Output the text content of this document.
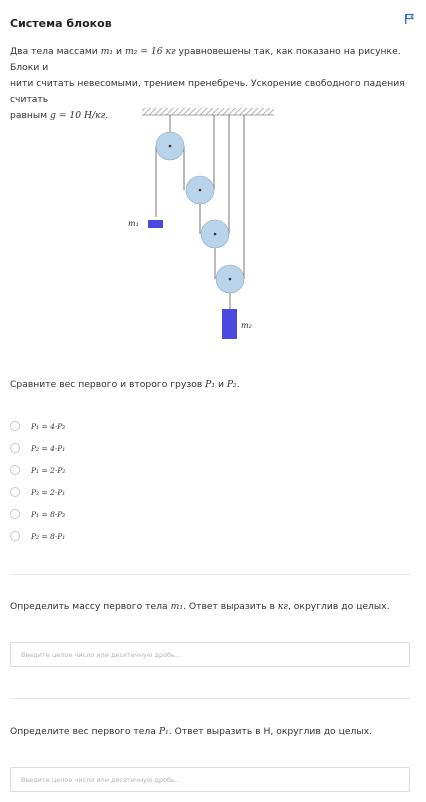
Система блоков
Два тела массами m₁ и m₂ = 16 кг уравновешены так, как показано на рисунке. Блоки и
нити считать невесомыми, трением пренебречь. Ускорение свободного падения считать
равным g = 10 Н/кг.
m₁
m₂
Сравните вес первого и второго грузов P₁ и P₂.
P₁ = 4·P₂
P₂ = 4·P₁
P₁ = 2·P₂
P₂ = 2·P₁
P₁ = 8·P₂
P₂ = 8·P₁
Определить массу первого тела m₁. Ответ выразить в кг, округлив до целых.
Введите целое число или десятичную дробь...
Определите вес первого тела P₁. Ответ выразить в Н, округлив до целых.
Введите целое число или десятичную дробь...
